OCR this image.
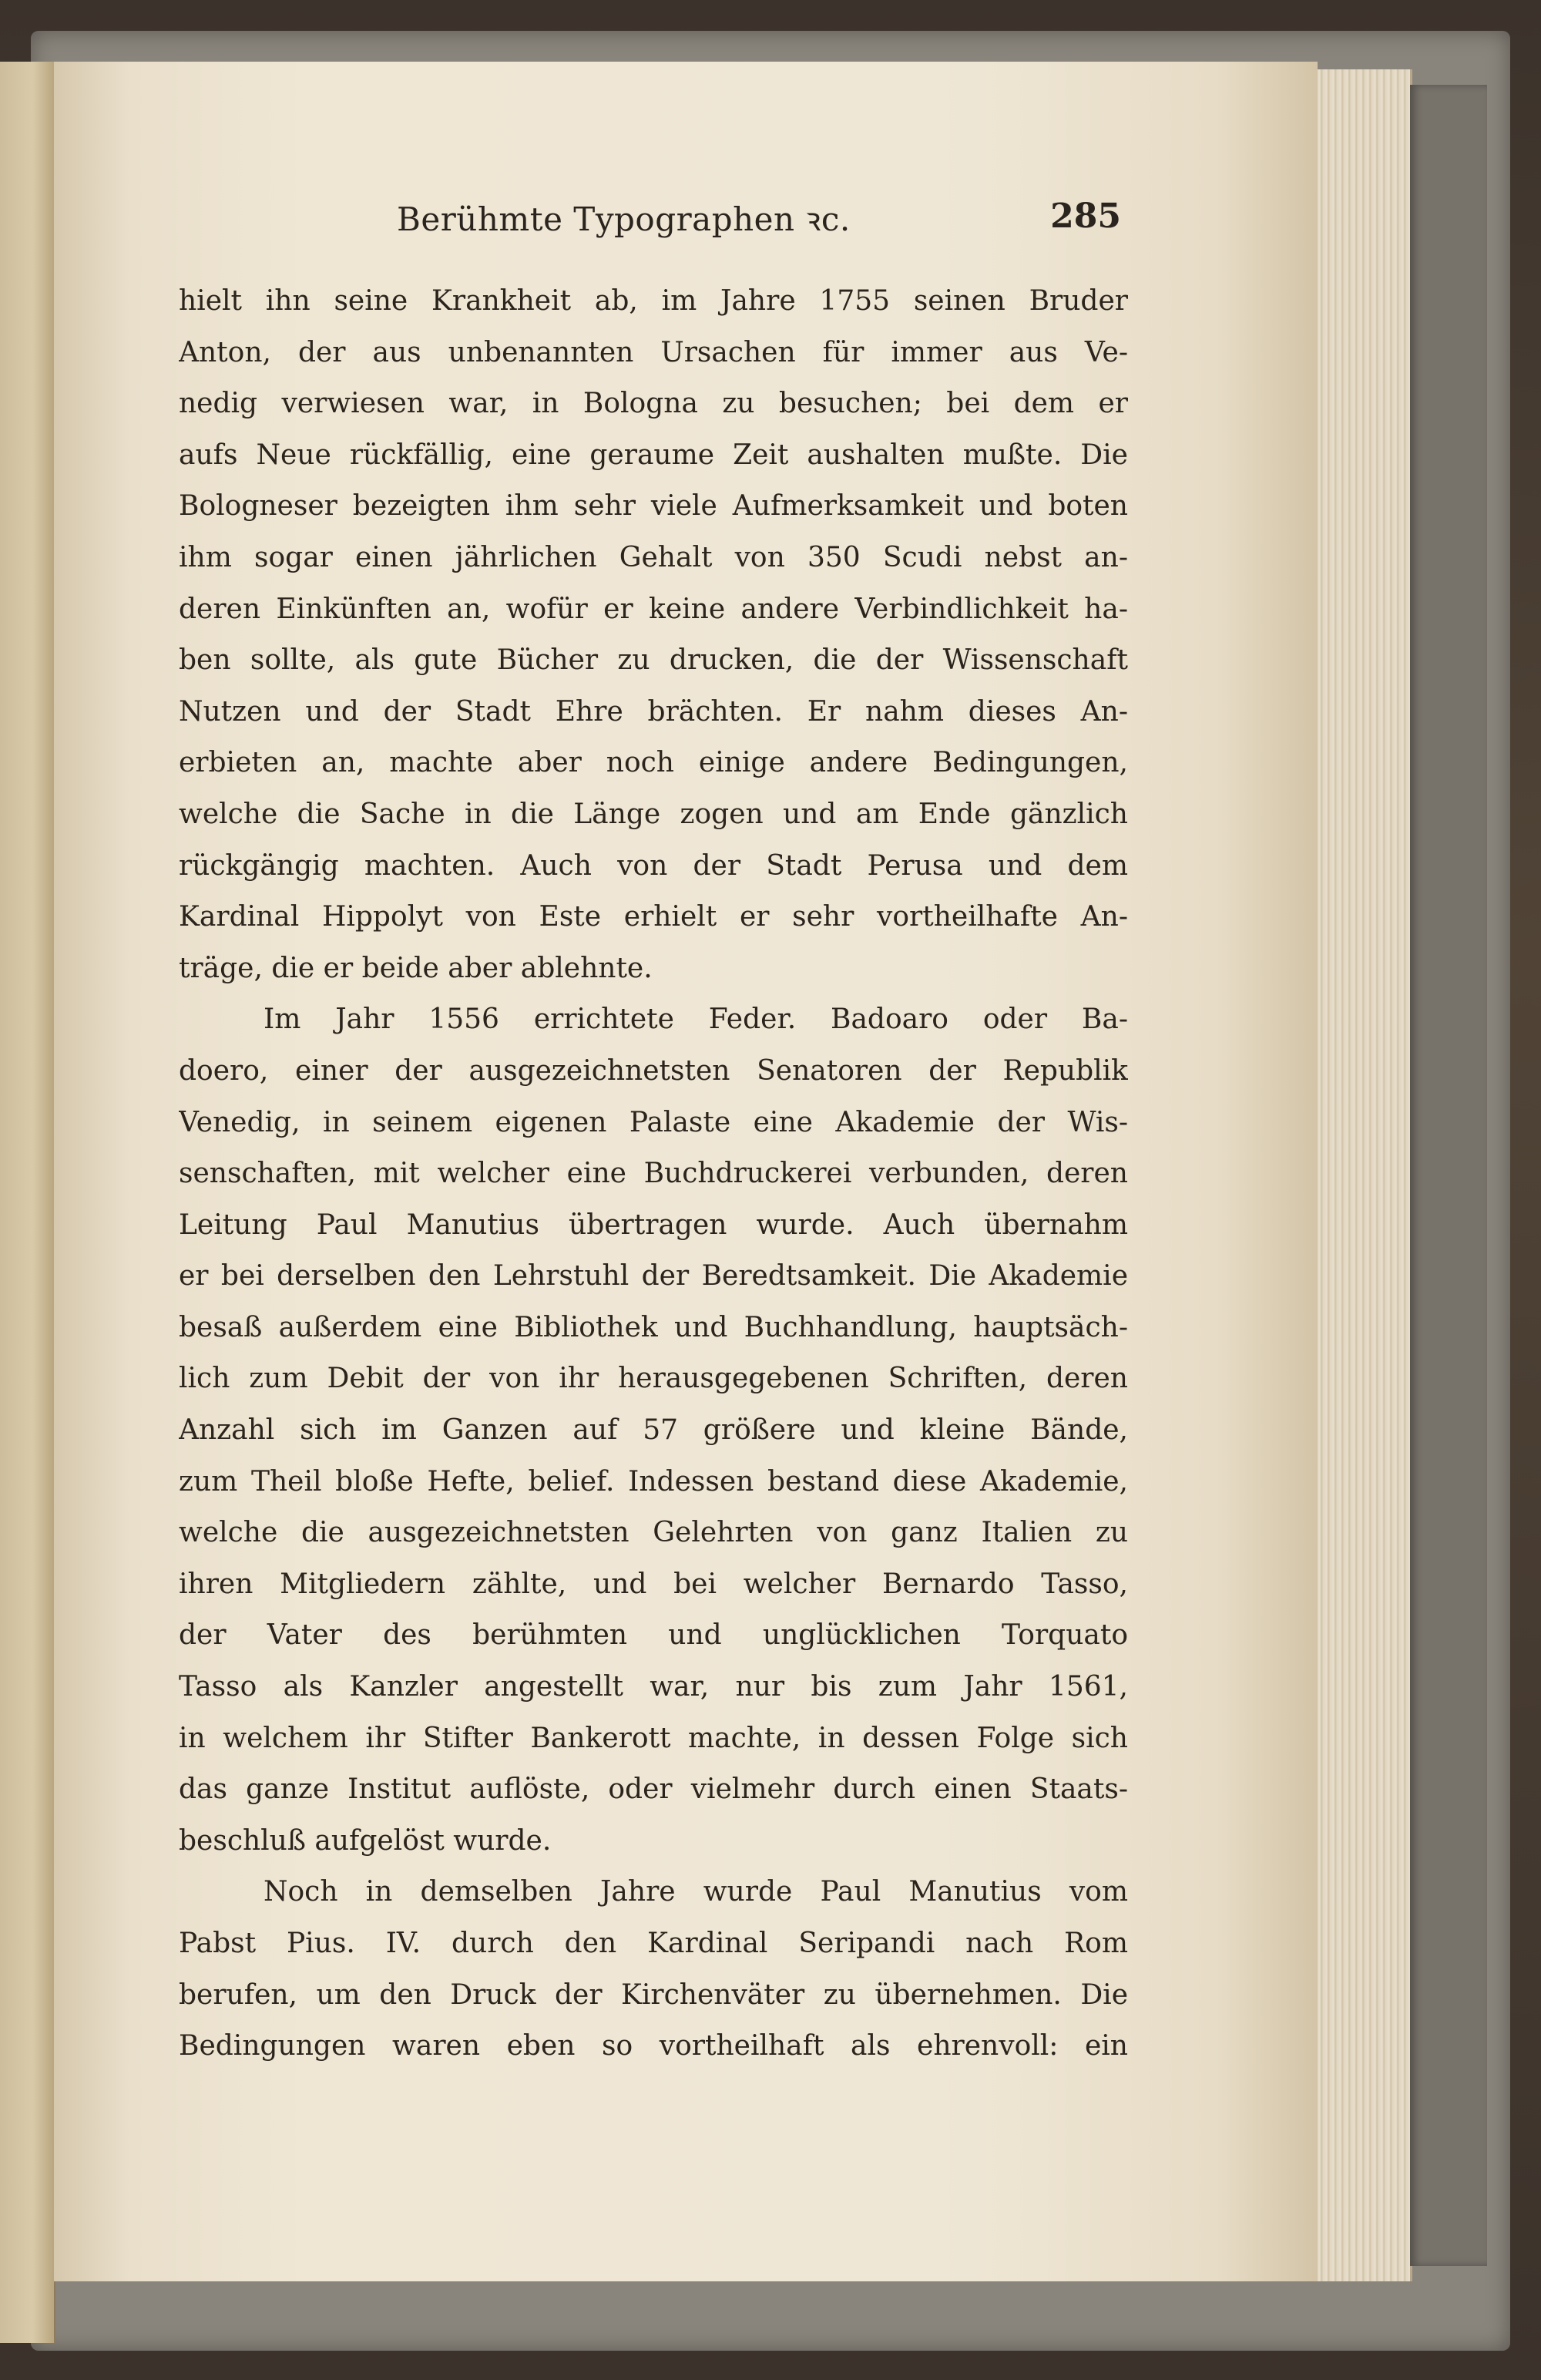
Berühmte Typographen ꝛc.	285
hielt ihn seine Krankheit ab, im Jahre 1755 seinen Bruder
Anton, der aus unbenannten Ursachen für immer aus Ve-
nedig verwiesen war, in Bologna zu besuchen; bei dem er
aufs Neue rückfällig, eine geraume Zeit aushalten mußte. Die
Bologneser bezeigten ihm sehr viele Aufmerksamkeit und boten
ihm sogar einen jährlichen Gehalt von 350 Scudi nebst an-
deren Einkünften an, wofür er keine andere Verbindlichkeit ha-
ben sollte, als gute Bücher zu drucken, die der Wissenschaft
Nutzen und der Stadt Ehre brächten. Er nahm dieses An-
erbieten an, machte aber noch einige andere Bedingungen,
welche die Sache in die Länge zogen und am Ende gänzlich
rückgängig machten. Auch von der Stadt Perusa und dem
Kardinal Hippolyt von Este erhielt er sehr vortheilhafte An-
träge, die er beide aber ablehnte.
Im Jahr 1556 errichtete Feder. Badoaro oder Ba-
doero, einer der ausgezeichnetsten Senatoren der Republik
Venedig, in seinem eigenen Palaste eine Akademie der Wis-
senschaften, mit welcher eine Buchdruckerei verbunden, deren
Leitung Paul Manutius übertragen wurde. Auch übernahm
er bei derselben den Lehrstuhl der Beredtsamkeit. Die Akademie
besaß außerdem eine Bibliothek und Buchhandlung, hauptsäch-
lich zum Debit der von ihr herausgegebenen Schriften, deren
Anzahl sich im Ganzen auf 57 größere und kleine Bände,
zum Theil bloße Hefte, belief. Indessen bestand diese Akademie,
welche die ausgezeichnetsten Gelehrten von ganz Italien zu
ihren Mitgliedern zählte, und bei welcher Bernardo Tasso,
der Vater des berühmten und unglücklichen Torquato
Tasso als Kanzler angestellt war, nur bis zum Jahr 1561,
in welchem ihr Stifter Bankerott machte, in dessen Folge sich
das ganze Institut auflöste, oder vielmehr durch einen Staats-
beschluß aufgelöst wurde.
Noch in demselben Jahre wurde Paul Manutius vom
Pabst Pius. IV. durch den Kardinal Seripandi nach Rom
berufen, um den Druck der Kirchenväter zu übernehmen. Die
Bedingungen waren eben so vortheilhaft als ehrenvoll: ein
